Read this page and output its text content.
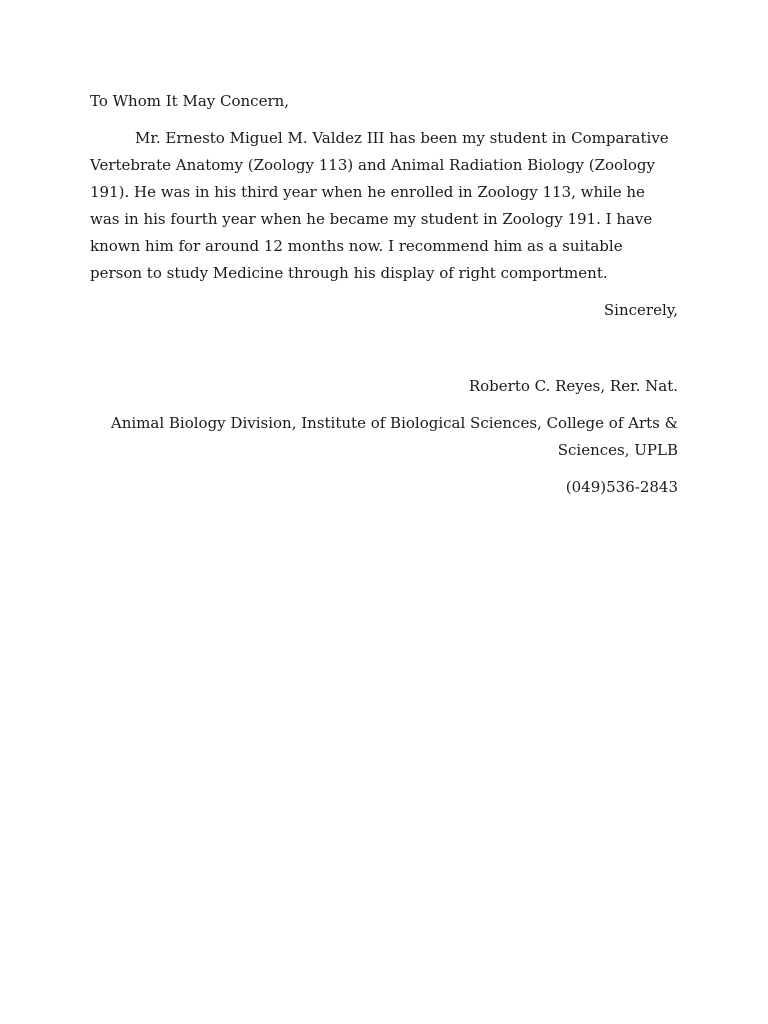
To Whom It May Concern,

Mr. Ernesto Miguel M. Valdez III has been my student in Comparative Vertebrate Anatomy (Zoology 113) and Animal Radiation Biology (Zoology 191). He was in his third year when he enrolled in Zoology 113, while he was in his fourth year when he became my student in Zoology 191. I have known him for around 12 months now. I recommend him as a suitable person to study Medicine through his display of right comportment.

Sincerely,

Roberto C. Reyes, Rer. Nat.

Animal Biology Division, Institute of Biological Sciences, College of Arts & Sciences, UPLB

(049)536-2843
